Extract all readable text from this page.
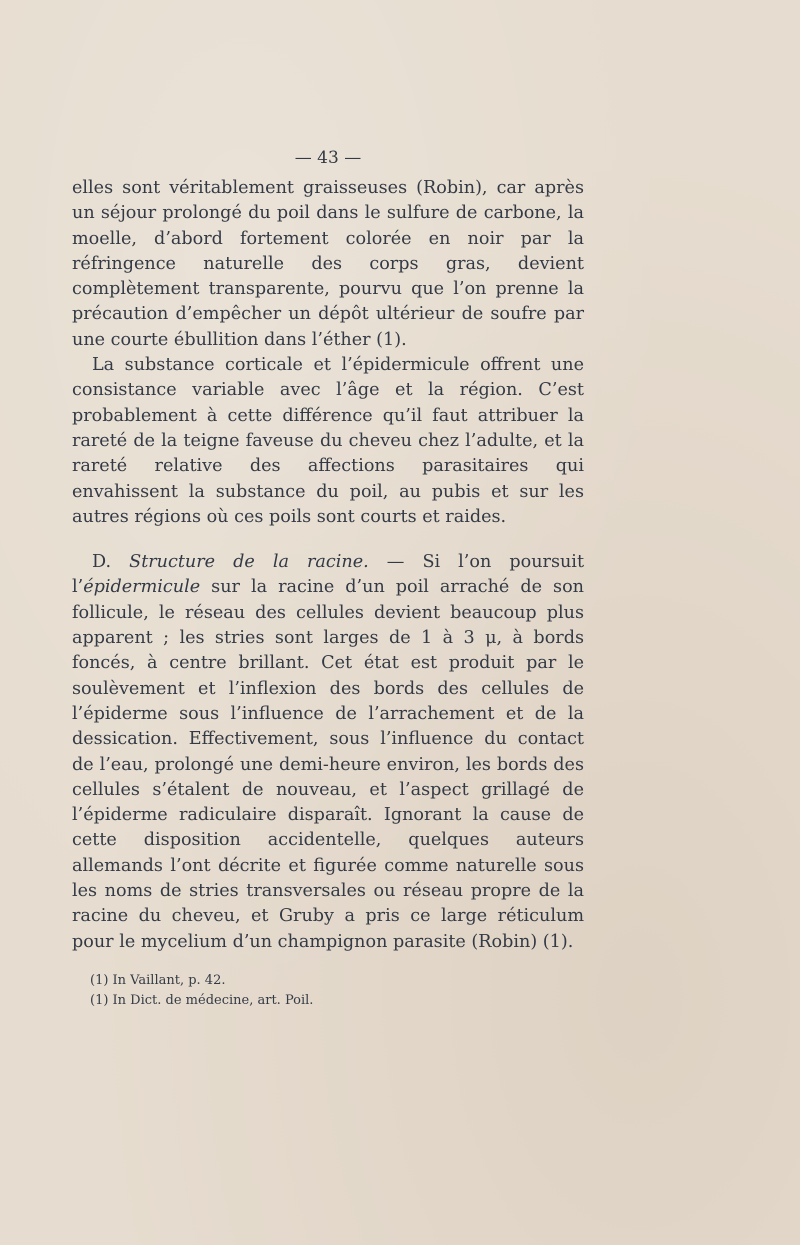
— 43 —

elles sont véritablement graisseuses (Robin), car après un séjour prolongé du poil dans le sulfure de carbone, la moelle, d’abord fortement colorée en noir par la réfringence naturelle des corps gras, devient complètement transparente, pourvu que l’on prenne la précaution d’empêcher un dépôt ultérieur de soufre par une courte ébullition dans l’éther (1).

La substance corticale et l’épidermicule offrent une consistance variable avec l’âge et la région. C’est probablement à cette différence qu’il faut attribuer la rareté de la teigne faveuse du cheveu chez l’adulte, et la rareté relative des affections parasitaires qui envahissent la substance du poil, au pubis et sur les autres régions où ces poils sont courts et raides.

D. Structure de la racine. — Si l’on poursuit l’épidermicule sur la racine d’un poil arraché de son follicule, le réseau des cellules devient beaucoup plus apparent ; les stries sont larges de 1 à 3 μ, à bords foncés, à centre brillant. Cet état est produit par le soulèvement et l’inflexion des bords des cellules de l’épiderme sous l’influence de l’arrachement et de la dessication. Effectivement, sous l’influence du contact de l’eau, prolongé une demi-heure environ, les bords des cellules s’étalent de nouveau, et l’aspect grillagé de l’épiderme radiculaire disparaît. Ignorant la cause de cette disposition accidentelle, quelques auteurs allemands l’ont décrite et figurée comme naturelle sous les noms de stries transversales ou réseau propre de la racine du cheveu, et Gruby a pris ce large réticulum pour le mycelium d’un champignon parasite (Robin) (1).

(1) In Vaillant, p. 42.

(1) In Dict. de médecine, art. Poil.
